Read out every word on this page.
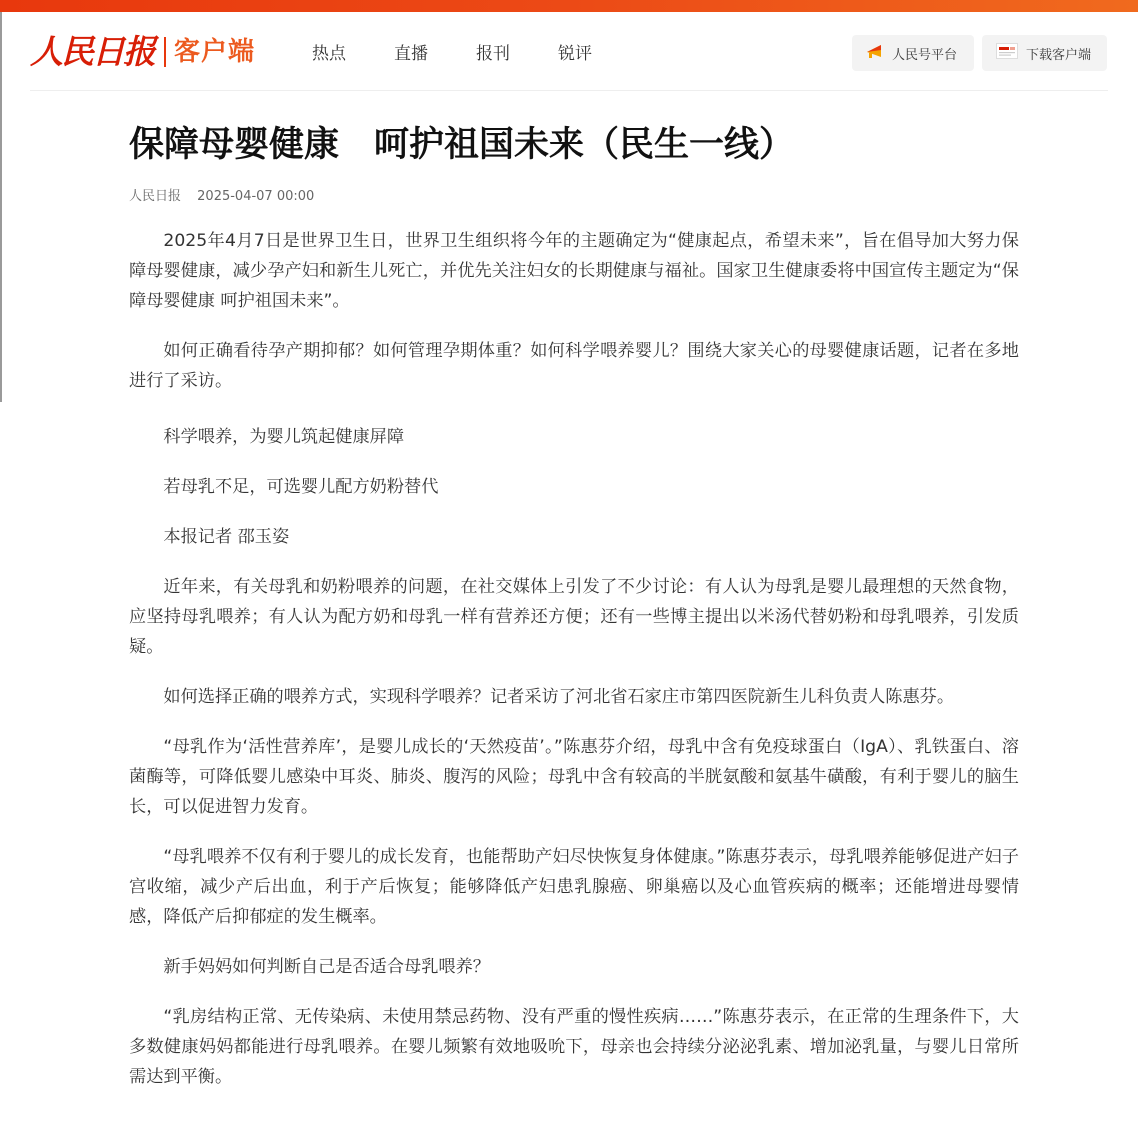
人民日报 客户端	热点	直播	报刊	锐评	人民号平台	下载客户端
保障母婴健康　呵护祖国未来（民生一线）
人民日报 2025-04-07 00:00

2025年4月7日是世界卫生日，世界卫生组织将今年的主题确定为“健康起点，希望未来”，旨在倡导加大努力保障母婴健康，减少孕产妇和新生儿死亡，并优先关注妇女的长期健康与福祉。国家卫生健康委将中国宣传主题定为“保障母婴健康 呵护祖国未来”。

如何正确看待孕产期抑郁？如何管理孕期体重？如何科学喂养婴儿？围绕大家关心的母婴健康话题，记者在多地进行了采访。

科学喂养，为婴儿筑起健康屏障

若母乳不足，可选婴儿配方奶粉替代

本报记者 邵玉姿

近年来，有关母乳和奶粉喂养的问题，在社交媒体上引发了不少讨论：有人认为母乳是婴儿最理想的天然食物，应坚持母乳喂养；有人认为配方奶和母乳一样有营养还方便；还有一些博主提出以米汤代替奶粉和母乳喂养，引发质疑。

如何选择正确的喂养方式，实现科学喂养？记者采访了河北省石家庄市第四医院新生儿科负责人陈惠芬。

“母乳作为‘活性营养库’，是婴儿成长的‘天然疫苗’。”陈惠芬介绍，母乳中含有免疫球蛋白（IgA）、乳铁蛋白、溶菌酶等，可降低婴儿感染中耳炎、肺炎、腹泻的风险；母乳中含有较高的半胱氨酸和氨基牛磺酸，有利于婴儿的脑生长，可以促进智力发育。

“母乳喂养不仅有利于婴儿的成长发育，也能帮助产妇尽快恢复身体健康。”陈惠芬表示，母乳喂养能够促进产妇子宫收缩，减少产后出血，利于产后恢复；能够降低产妇患乳腺癌、卵巢癌以及心血管疾病的概率；还能增进母婴情感，降低产后抑郁症的发生概率。

新手妈妈如何判断自己是否适合母乳喂养？

“乳房结构正常、无传染病、未使用禁忌药物、没有严重的慢性疾病……”陈惠芬表示，在正常的生理条件下，大多数健康妈妈都能进行母乳喂养。在婴儿频繁有效地吸吮下，母亲也会持续分泌泌乳素、增加泌乳量，与婴儿日常所需达到平衡。
